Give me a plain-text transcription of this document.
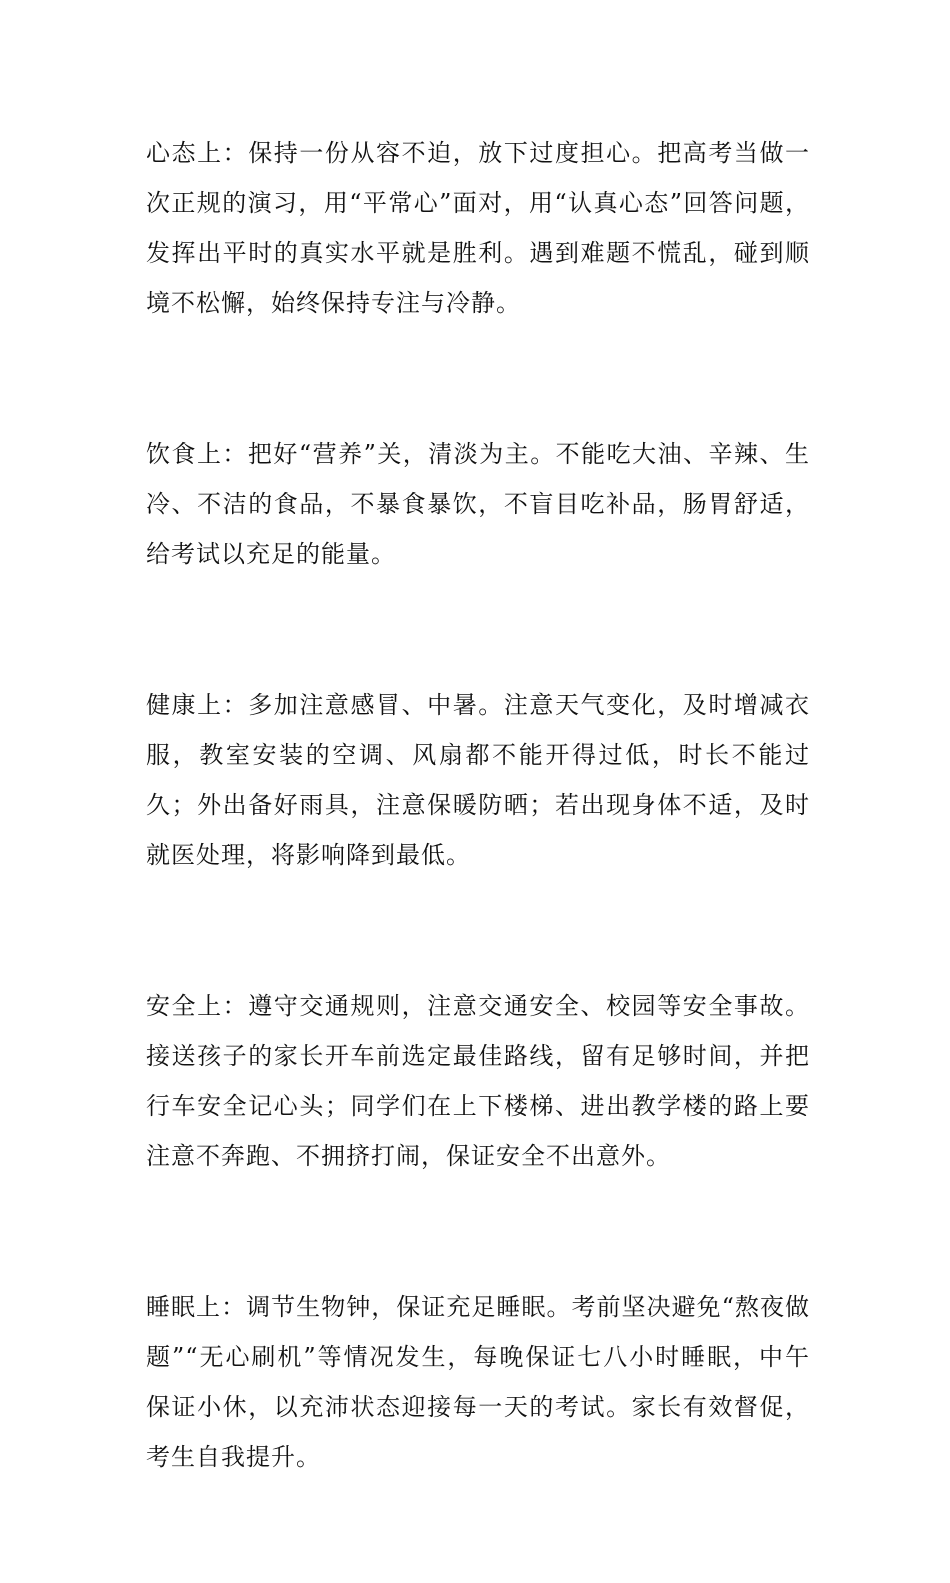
心态上：保持一份从容不迫，放下过度担心。把高考当做一次正规的演习，用“平常心”面对，用“认真心态”回答问题，发挥出平时的真实水平就是胜利。遇到难题不慌乱，碰到顺境不松懈，始终保持专注与冷静。

饮食上：把好“营养”关，清淡为主。不能吃大油、辛辣、生冷、不洁的食品，不暴食暴饮，不盲目吃补品，肠胃舒适，给考试以充足的能量。

健康上：多加注意感冒、中暑。注意天气变化，及时增减衣服，教室安装的空调、风扇都不能开得过低，时长不能过久；外出备好雨具，注意保暖防晒；若出现身体不适，及时就医处理，将影响降到最低。

安全上：遵守交通规则，注意交通安全、校园等安全事故。接送孩子的家长开车前选定最佳路线，留有足够时间，并把行车安全记心头；同学们在上下楼梯、进出教学楼的路上要注意不奔跑、不拥挤打闹，保证安全不出意外。

睡眠上：调节生物钟，保证充足睡眠。考前坚决避免“熬夜做题”“无心刷机”等情况发生，每晚保证七八小时睡眠，中午保证小休，以充沛状态迎接每一天的考试。家长有效督促，考生自我提升。
